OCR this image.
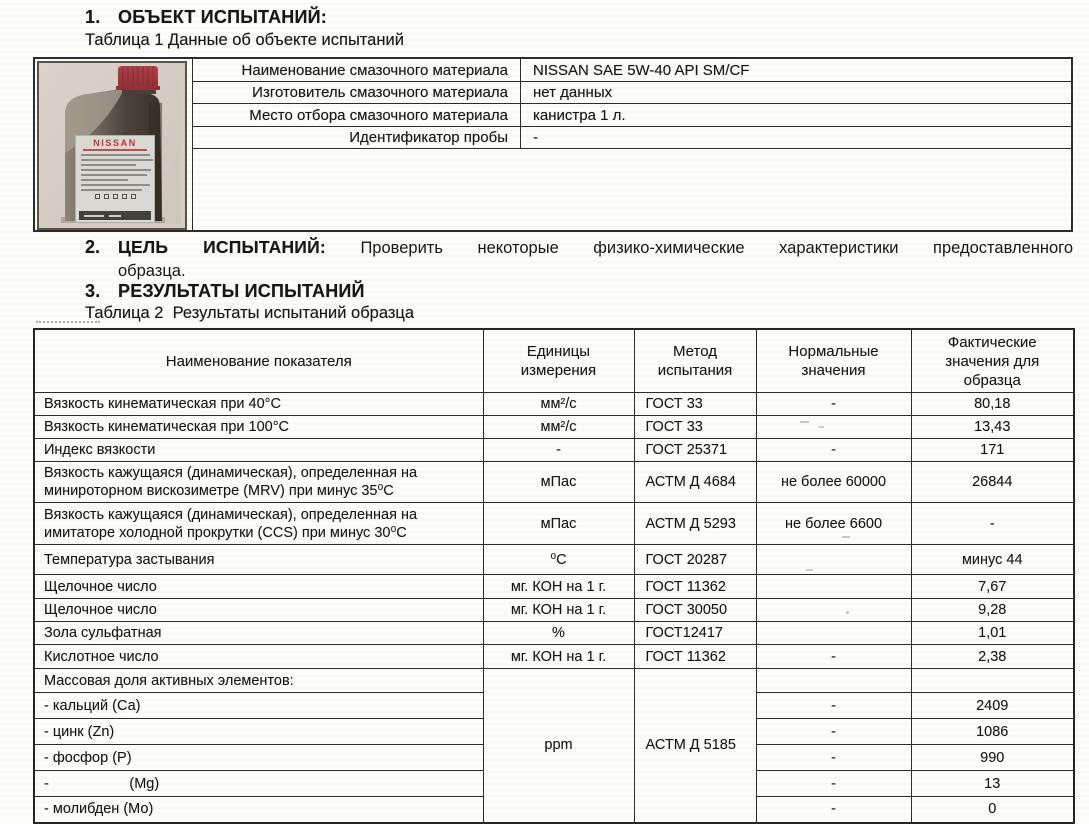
1. ОБЪЕКТ ИСПЫТАНИЙ:
Таблица 1 Данные об объекте испытаний
NISSAN
Наименование смазочного материала	NISSAN SAE 5W-40 API SM/CF
Изготовитель смазочного материала	нет данных
Место отбора смазочного материала	канистра 1 л.
Идентификатор пробы	-
2.	ЦЕЛЬ ИСПЫТАНИЙ: Проверить некоторые физико-химические характеристики предоставленного
образца.
3. РЕЗУЛЬТАТЫ ИСПЫТАНИЙ
Таблица 2  Результаты испытаний образца
Наименование показателя	Единицы измерения	Метод испытания	Нормальные значения	Фактические значения для образца
Вязкость кинематическая при 40°С	мм²/с	ГОСТ 33	-	80,18
Вязкость кинематическая при 100°С	мм²/с	ГОСТ 33		13,43
Индекс вязкости	-	ГОСТ 25371	-	171
Вязкость кажущаяся (динамическая), определенная на минироторном вискозиметре (MRV) при минус 35⁰С	мПас	АСТМ Д 4684	не более 60000	26844
Вязкость кажущаяся (динамическая), определенная на имитаторе холодной прокрутки (CCS) при минус 30⁰С	мПас	АСТМ Д 5293	не более 6600	-
Температура застывания	⁰С	ГОСТ 20287		минус 44
Щелочное число	мг. КОН на 1 г.	ГОСТ 11362		7,67
Щелочное число	мг. КОН на 1 г.	ГОСТ 30050		9,28
Зола сульфатная	%	ГОСТ12417		1,01
Кислотное число	мг. КОН на 1 г.	ГОСТ 11362	-	2,38
Массовая доля активных элементов:	ppm	АСТМ Д 5185		
- кальций (Са)			-	2409
- цинк (Zn)			-	1086
- фосфор (Р)			-	990
-                    (Mg)			-	13
- молибден (Мо)			-	0
